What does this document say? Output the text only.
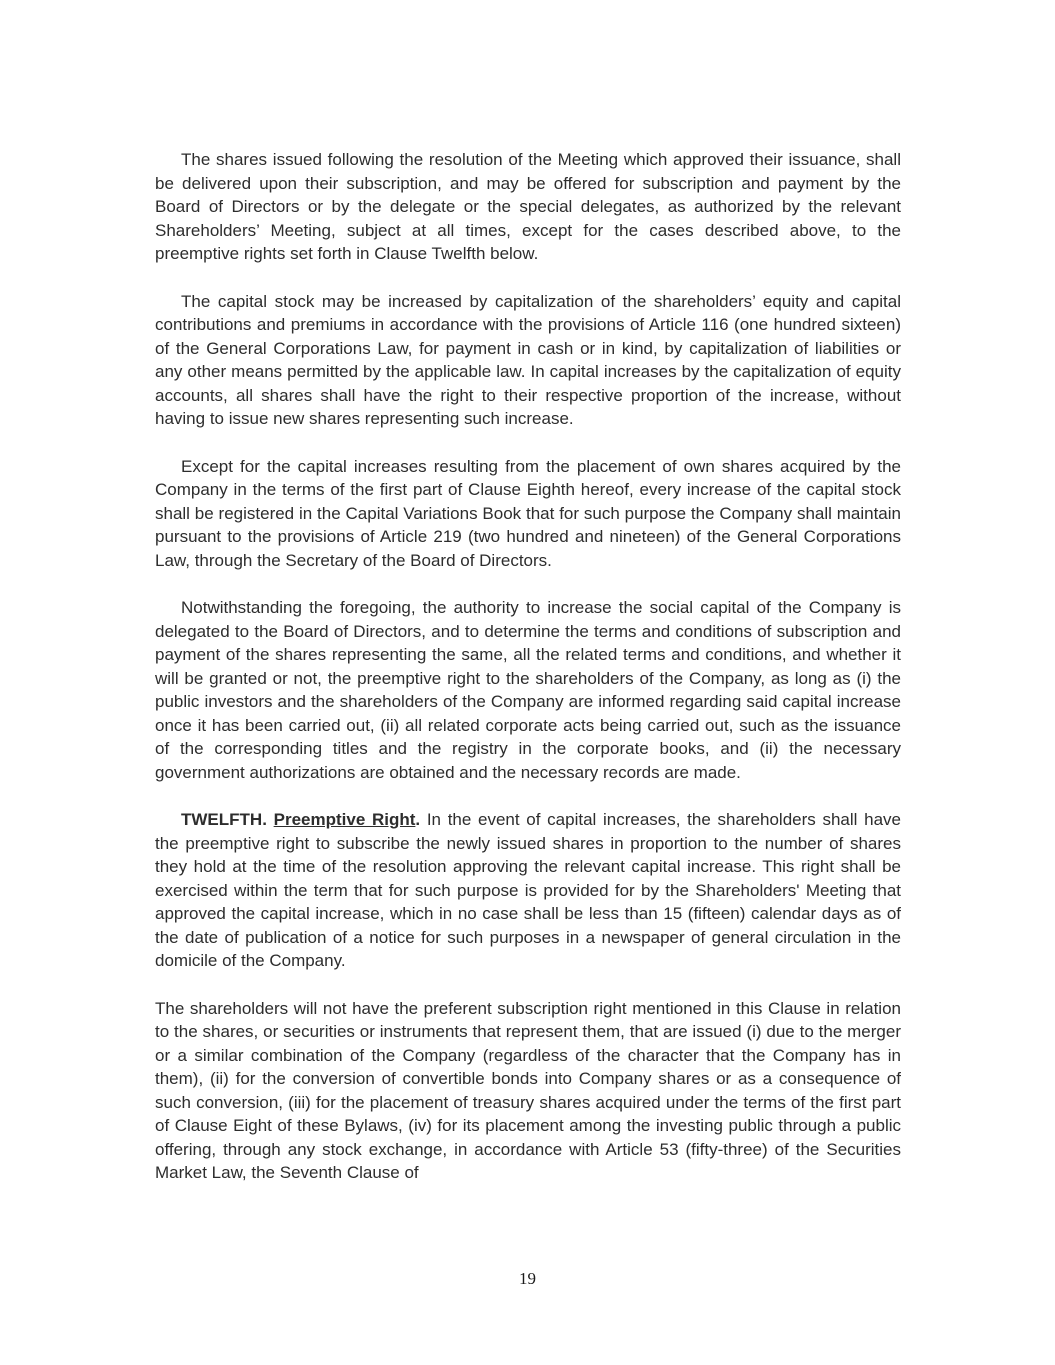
The shares issued following the resolution of the Meeting which approved their issuance, shall be delivered upon their subscription, and may be offered for subscription and payment by the Board of Directors or by the delegate or the special delegates, as authorized by the relevant Shareholders’ Meeting, subject at all times, except for the cases described above, to the preemptive rights set forth in Clause Twelfth below.

The capital stock may be increased by capitalization of the shareholders’ equity and capital contributions and premiums in accordance with the provisions of Article 116 (one hundred sixteen) of the General Corporations Law, for payment in cash or in kind, by capitalization of liabilities or any other means permitted by the applicable law. In capital increases by the capitalization of equity accounts, all shares shall have the right to their respective proportion of the increase, without having to issue new shares representing such increase.

Except for the capital increases resulting from the placement of own shares acquired by the Company in the terms of the first part of Clause Eighth hereof, every increase of the capital stock shall be registered in the Capital Variations Book that for such purpose the Company shall maintain pursuant to the provisions of Article 219 (two hundred and nineteen) of the General Corporations Law, through the Secretary of the Board of Directors.

Notwithstanding the foregoing, the authority to increase the social capital of the Company is delegated to the Board of Directors, and to determine the terms and conditions of subscription and payment of the shares representing the same, all the related terms and conditions, and whether it will be granted or not, the preemptive right to the shareholders of the Company, as long as (i) the public investors and the shareholders of the Company are informed regarding said capital increase once it has been carried out, (ii) all related corporate acts being carried out, such as the issuance of the corresponding titles and the registry in the corporate books, and (ii) the necessary government authorizations are obtained and the necessary records are made.

TWELFTH. Preemptive Right. In the event of capital increases, the shareholders shall have the preemptive right to subscribe the newly issued shares in proportion to the number of shares they hold at the time of the resolution approving the relevant capital increase. This right shall be exercised within the term that for such purpose is provided for by the Shareholders' Meeting that approved the capital increase, which in no case shall be less than 15 (fifteen) calendar days as of the date of publication of a notice for such purposes in a newspaper of general circulation in the domicile of the Company.

The shareholders will not have the preferent subscription right mentioned in this Clause in relation to the shares, or securities or instruments that represent them, that are issued (i) due to the merger or a similar combination of the Company (regardless of the character that the Company has in them), (ii) for the conversion of convertible bonds into Company shares or as a consequence of such conversion, (iii) for the placement of treasury shares acquired under the terms of the first part of Clause Eight of these Bylaws, (iv) for its placement among the investing public through a public offering, through any stock exchange, in accordance with Article 53 (fifty-three) of the Securities Market Law, the Seventh Clause of

19
